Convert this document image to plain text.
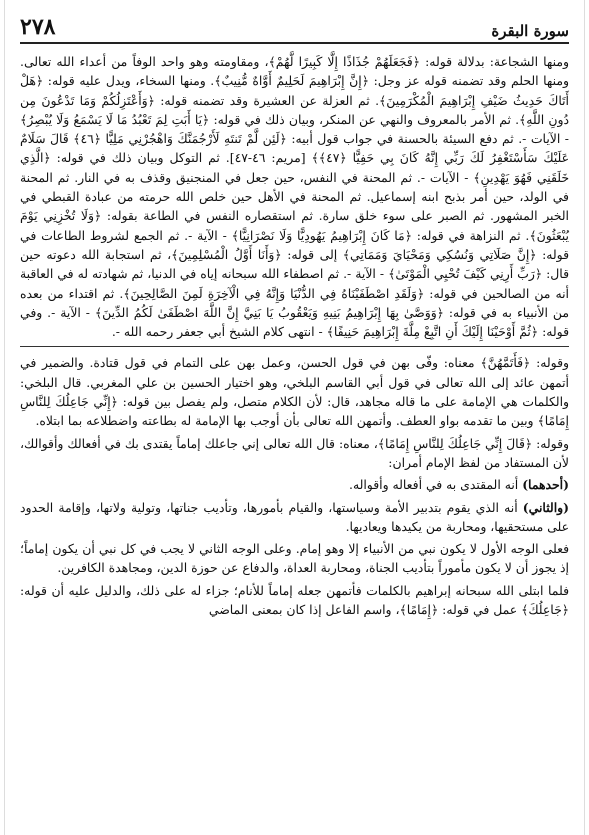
سورة البقرة
٢٧٨

ومنها الشجاعة: بدلالة قوله: ﴿فَجَعَلَهُمْ جُذَاذًا إِلَّا كَبِيرًا لَّهُمْ﴾، ومقاومته وهو واحد الوفاً من أعداء الله تعالى. ومنها الحلم وقد تضمنه قوله عز وجل: ﴿إِنَّ إِبْرَاهِيمَ لَحَلِيمٌ أَوَّاهٌ مُّنِيبٌ﴾. ومنها السخاء، ويدل عليه قوله: ﴿هَلْ أَتَاكَ حَدِيثُ ضَيْفِ إِبْرَاهِيمَ الْمُكْرَمِينَ﴾. ثم العزلة عن العشيرة وقد تضمنه قوله: ﴿وَأَعْتَزِلُكُمْ وَمَا تَدْعُونَ مِن دُونِ اللَّهِ﴾. ثم الأمر بالمعروف والنهي عن المنكر، وبيان ذلك في قوله: ﴿يَا أَبَتِ لِمَ تَعْبُدُ مَا لَا يَسْمَعُ وَلَا يُبْصِرُ﴾ - الآيات -. ثم دفع السيئة بالحسنة في جواب قول أبيه: ﴿لَئِن لَّمْ تَنتَهِ لَأَرْجُمَنَّكَ وَاهْجُرْنِي مَلِيًّا ﴿٤٦﴾ قَالَ سَلَامٌ عَلَيْكَ سَأَسْتَغْفِرُ لَكَ رَبِّي إِنَّهُ كَانَ بِي حَفِيًّا ﴿٤٧﴾﴾ [مريم: ٤٦-٤٧]. ثم التوكل وبيان ذلك في قوله: ﴿الَّذِي خَلَقَنِي فَهُوَ يَهْدِينِ﴾ - الآيات -. ثم المحنة في النفس، حين جعل في المنجنيق وقذف به في النار. ثم المحنة في الولد، حين أمر بذبح ابنه إسماعيل. ثم المحنة في الأهل حين خلص الله حرمته من عبادة القبطي في الخبر المشهور. ثم الصبر على سوء خلق سارة. ثم استقصاره النفس في الطاعة بقوله: ﴿وَلَا تُخْزِنِي يَوْمَ يُبْعَثُونَ﴾. ثم النزاهة في قوله: ﴿مَا كَانَ إِبْرَاهِيمُ يَهُودِيًّا وَلَا نَصْرَانِيًّا﴾ - الآية -. ثم الجمع لشروط الطاعات في قوله: ﴿إِنَّ صَلَاتِي وَنُسُكِي وَمَحْيَايَ وَمَمَاتِي﴾ إلى قوله: ﴿وَأَنَا أَوَّلُ الْمُسْلِمِينَ﴾، ثم استجابة الله دعوته حين قال: ﴿رَبِّ أَرِنِي كَيْفَ تُحْيِي الْمَوْتَىٰ﴾ - الآية -. ثم اصطفاء الله سبحانه إياه في الدنيا، ثم شهادته له في العاقبة أنه من الصالحين في قوله: ﴿وَلَقَدِ اصْطَفَيْنَاهُ فِي الدُّنْيَا وَإِنَّهُ فِي الْآخِرَةِ لَمِنَ الصَّالِحِينَ﴾. ثم اقتداء من بعده من الأنبياء به في قوله: ﴿وَوَصَّىٰ بِهَا إِبْرَاهِيمُ بَنِيهِ وَيَعْقُوبُ يَا بَنِيَّ إِنَّ اللَّهَ اصْطَفَىٰ لَكُمُ الدِّينَ﴾ - الآية -. وفي قوله: ﴿ثُمَّ أَوْحَيْنَا إِلَيْكَ أَنِ اتَّبِعْ مِلَّةَ إِبْرَاهِيمَ حَنِيفًا﴾ - انتهى كلام الشيخ أبي جعفر رحمه الله -.

وقوله: ﴿فَأَتَمَّهُنَّ﴾ معناه: وفّى بهن في قول الحسن، وعمل بهن على التمام في قول قتادة. والضمير في أتمهن عائد إلى الله تعالى في قول أبي القاسم البلخي، وهو اختيار الحسين بن علي المغربي. قال البلخي: والكلمات هي الإمامة على ما قاله مجاهد، قال: لأن الكلام متصل، ولم يفصل بين قوله: ﴿إِنِّي جَاعِلُكَ لِلنَّاسِ إِمَامًا﴾ وبين ما تقدمه بواو العطف. وأتمهن الله تعالى بأن أوجب بها الإمامة له بطاعته واضطلاعه بما ابتلاه.

وقوله: ﴿قَالَ إِنِّي جَاعِلُكَ لِلنَّاسِ إِمَامًا﴾، معناه: قال الله تعالى إني جاعلك إماماً يقتدى بك في أفعالك وأقوالك، لأن المستفاد من لفظ الإمام أمران:

(أحدهما) أنه المقتدى به في أفعاله وأقواله.

(والثاني) أنه الذي يقوم بتدبير الأمة وسياستها، والقيام بأمورها، وتأديب جناتها، وتولية ولاتها، وإقامة الحدود على مستحقيها، ومحاربة من يكيدها ويعاديها.

فعلى الوجه الأول لا يكون نبي من الأنبياء إلا وهو إمام. وعلى الوجه الثاني لا يجب في كل نبي أن يكون إماماً؛ إذ يجوز أن لا يكون مأموراً بتأديب الجناة، ومحاربة العداة، والدفاع عن حوزة الدين، ومجاهدة الكافرين.

فلما ابتلى الله سبحانه إبراهيم بالكلمات فأتمهن جعله إماماً للأنام؛ جزاء له على ذلك، والدليل عليه أن قوله: ﴿جَاعِلُكَ﴾ عمل في قوله: ﴿إِمَامًا﴾، واسم الفاعل إذا كان بمعنى الماضي
